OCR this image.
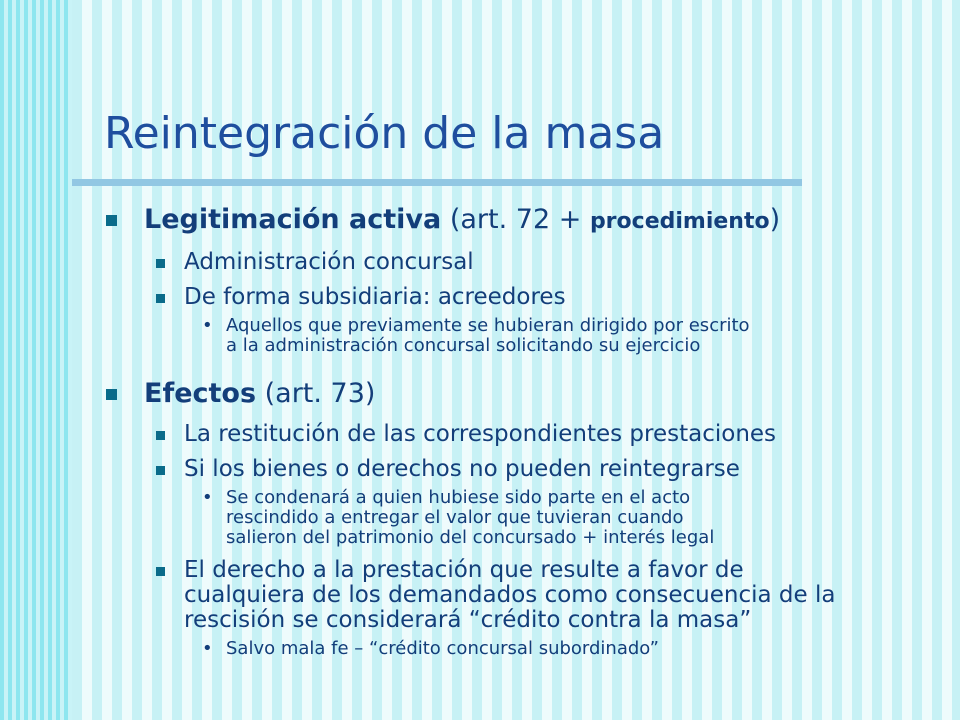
Reintegración de la masa
Legitimación activa (art. 72 + procedimiento)
Administración concursal
De forma subsidiaria: acreedores
• Aquellos que previamente se hubieran dirigido por escrito
a la administración concursal solicitando su ejercicio
Efectos (art. 73)
La restitución de las correspondientes prestaciones
Si los bienes o derechos no pueden reintegrarse
• Se condenará a quien hubiese sido parte en el acto
rescindido a entregar el valor que tuvieran cuando
salieron del patrimonio del concursado + interés legal
El derecho a la prestación que resulte a favor de
cualquiera de los demandados como consecuencia de la
rescisión se considerará “crédito contra la masa”
• Salvo mala fe – “crédito concursal subordinado”
